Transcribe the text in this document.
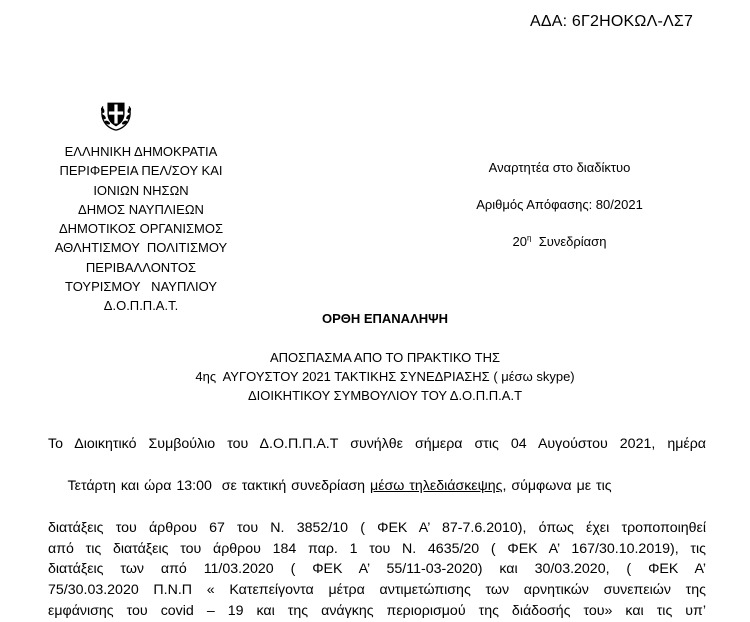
ΑΔΑ: 6Γ2ΗΟΚΩΛ-ΛΣ7
ΕΛΛΗΝΙΚΗ ΔΗΜΟΚΡΑΤΙΑ
ΠΕΡΙΦΕΡΕΙΑ ΠΕΛ/ΣΟΥ ΚΑΙ
ΙΟΝΙΩΝ ΝΗΣΩΝ
ΔΗΜΟΣ ΝΑΥΠΛΙΕΩΝ
ΔΗΜΟΤΙΚΟΣ ΟΡΓΑΝΙΣΜΟΣ
ΑΘΛΗΤΙΣΜΟΥ  ΠΟΛΙΤΙΣΜΟΥ
ΠΕΡΙΒΑΛΛΟΝΤΟΣ
ΤΟΥΡΙΣΜΟΥ   ΝΑΥΠΛΙΟΥ
Δ.Ο.Π.Π.Α.Τ.
Αναρτητέα στο διαδίκτυο
Αριθμός Απόφασης: 80/2021
$20^\eta$ Συνεδρίαση
ΟΡΘΗ ΕΠΑΝΑΛΗΨΗ
ΑΠΟΣΠΑΣΜΑ ΑΠΟ ΤΟ ΠΡΑΚΤΙΚΟ ΤΗΣ
4ης  ΑΥΓΟΥΣΤΟΥ 2021 ΤΑΚΤΙΚΗΣ ΣΥΝΕΔΡΙΑΣΗΣ ( μέσω skype)
ΔΙΟΙΚΗΤΙΚΟΥ ΣΥΜΒΟΥΛΙΟΥ ΤΟΥ Δ.Ο.Π.Π.Α.Τ
Το Διοικητικό Συμβούλιο του Δ.Ο.Π.Π.Α.Τ συνήλθε σήμερα στις 04 Αυγούστου 2021, ημέρα

Τετάρτη και ώρα 13:00  σε τακτική συνεδρίαση μέσω τηλεδιάσκεψης, σύμφωνα με τις

διατάξεις του άρθρου 67 του Ν. 3852/10 ( ΦΕΚ Α’ 87-7.6.2010), όπως έχει τροποποιηθεί
από τις διατάξεις του άρθρου 184 παρ. 1 του Ν. 4635/20 ( ΦΕΚ Α’ 167/30.10.2019), τις
διατάξεις των από 11/03.2020 ( ΦΕΚ Α’ 55/11-03-2020) και 30/03.2020, ( ΦΕΚ Α’
75/30.03.2020 Π.Ν.Π « Κατεπείγοντα μέτρα αντιμετώπισης των αρνητικών συνεπειών της
εμφάνισης του covid – 19 και της ανάγκης περιορισμού της διάδοσής του» και τις υπ’
